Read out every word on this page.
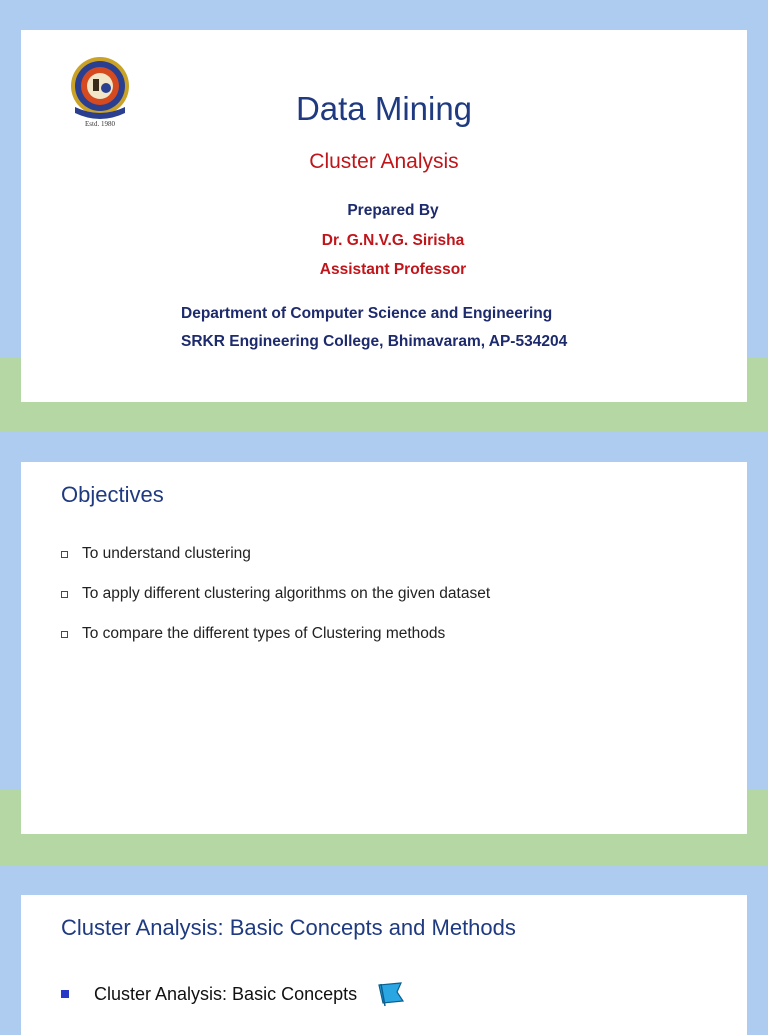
Estd. 1980	Data Mining
Cluster Analysis
Prepared By
Dr. G.N.V.G. Sirisha
Assistant Professor
Department of Computer Science and Engineering
SRKR Engineering College, Bhimavaram, AP-534204
Objectives
To understand clustering
To apply different clustering algorithms on the given dataset
To compare the different types of Clustering methods
Cluster Analysis: Basic Concepts and Methods
Cluster Analysis: Basic Concepts
